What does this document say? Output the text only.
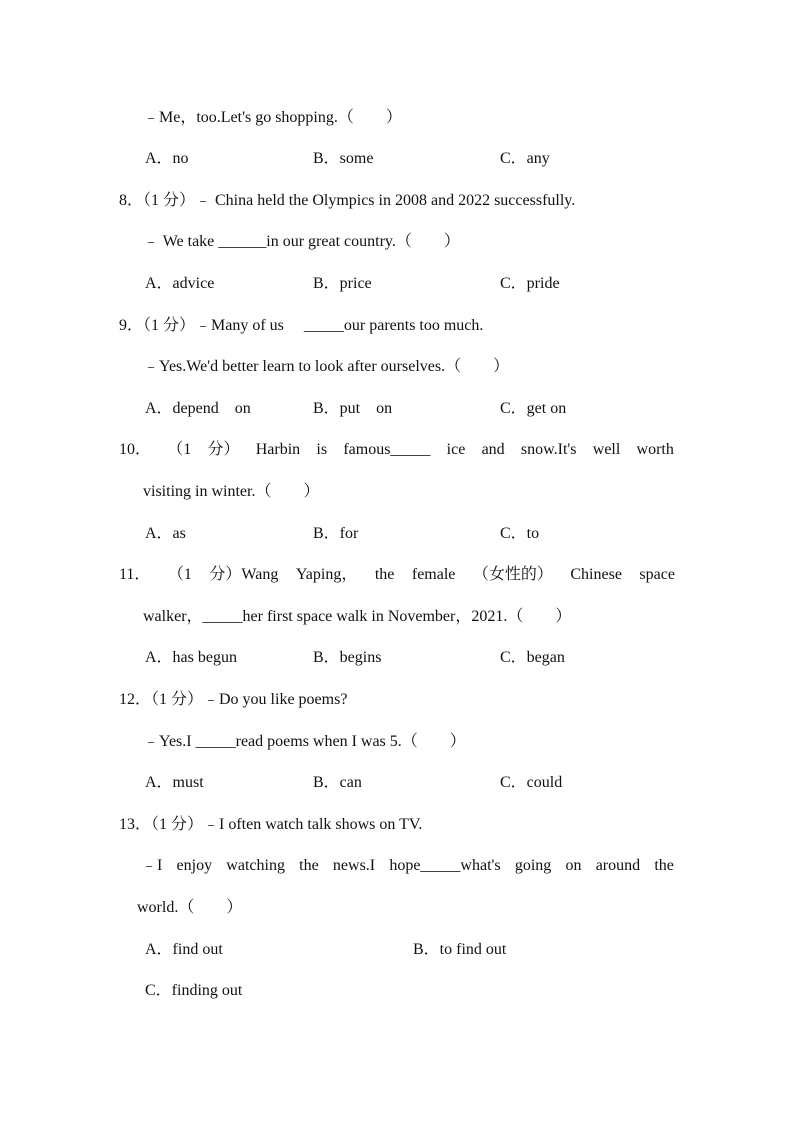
﹣Me，too.Let's go shopping.（　　）
A．no	B．some	C．any
8．（1 分）﹣ China held the Olympics in 2008 and 2022 successfully.
﹣ We take ______in our great country.（　　）
A．advice	B．price	C．pride
9．（1 分）﹣Many of us　 _____our parents too much.
﹣Yes.We'd better learn to look after ourselves.（　　）
A．depend　on	B．put　on	C．get on
10． （1 分） Harbin is famous_____ ice and snow.It's well worth
visiting in winter.（　　）
A．as	B．for	C．to
11． （1 分）Wang Yaping， the female （女性的） Chinese space
walker，_____her first space walk in November，2021.（　　）
A．has begun	B．begins	C．began
12．（1 分）﹣Do you like poems?
﹣Yes.I _____read poems when I was 5.（　　）
A．must	B．can	C．could
13．（1 分）﹣I often watch talk shows on TV.
﹣I enjoy watching the news.I hope_____what's going on around the
world.（　　）
A．find out	B．to find out
C．finding out
